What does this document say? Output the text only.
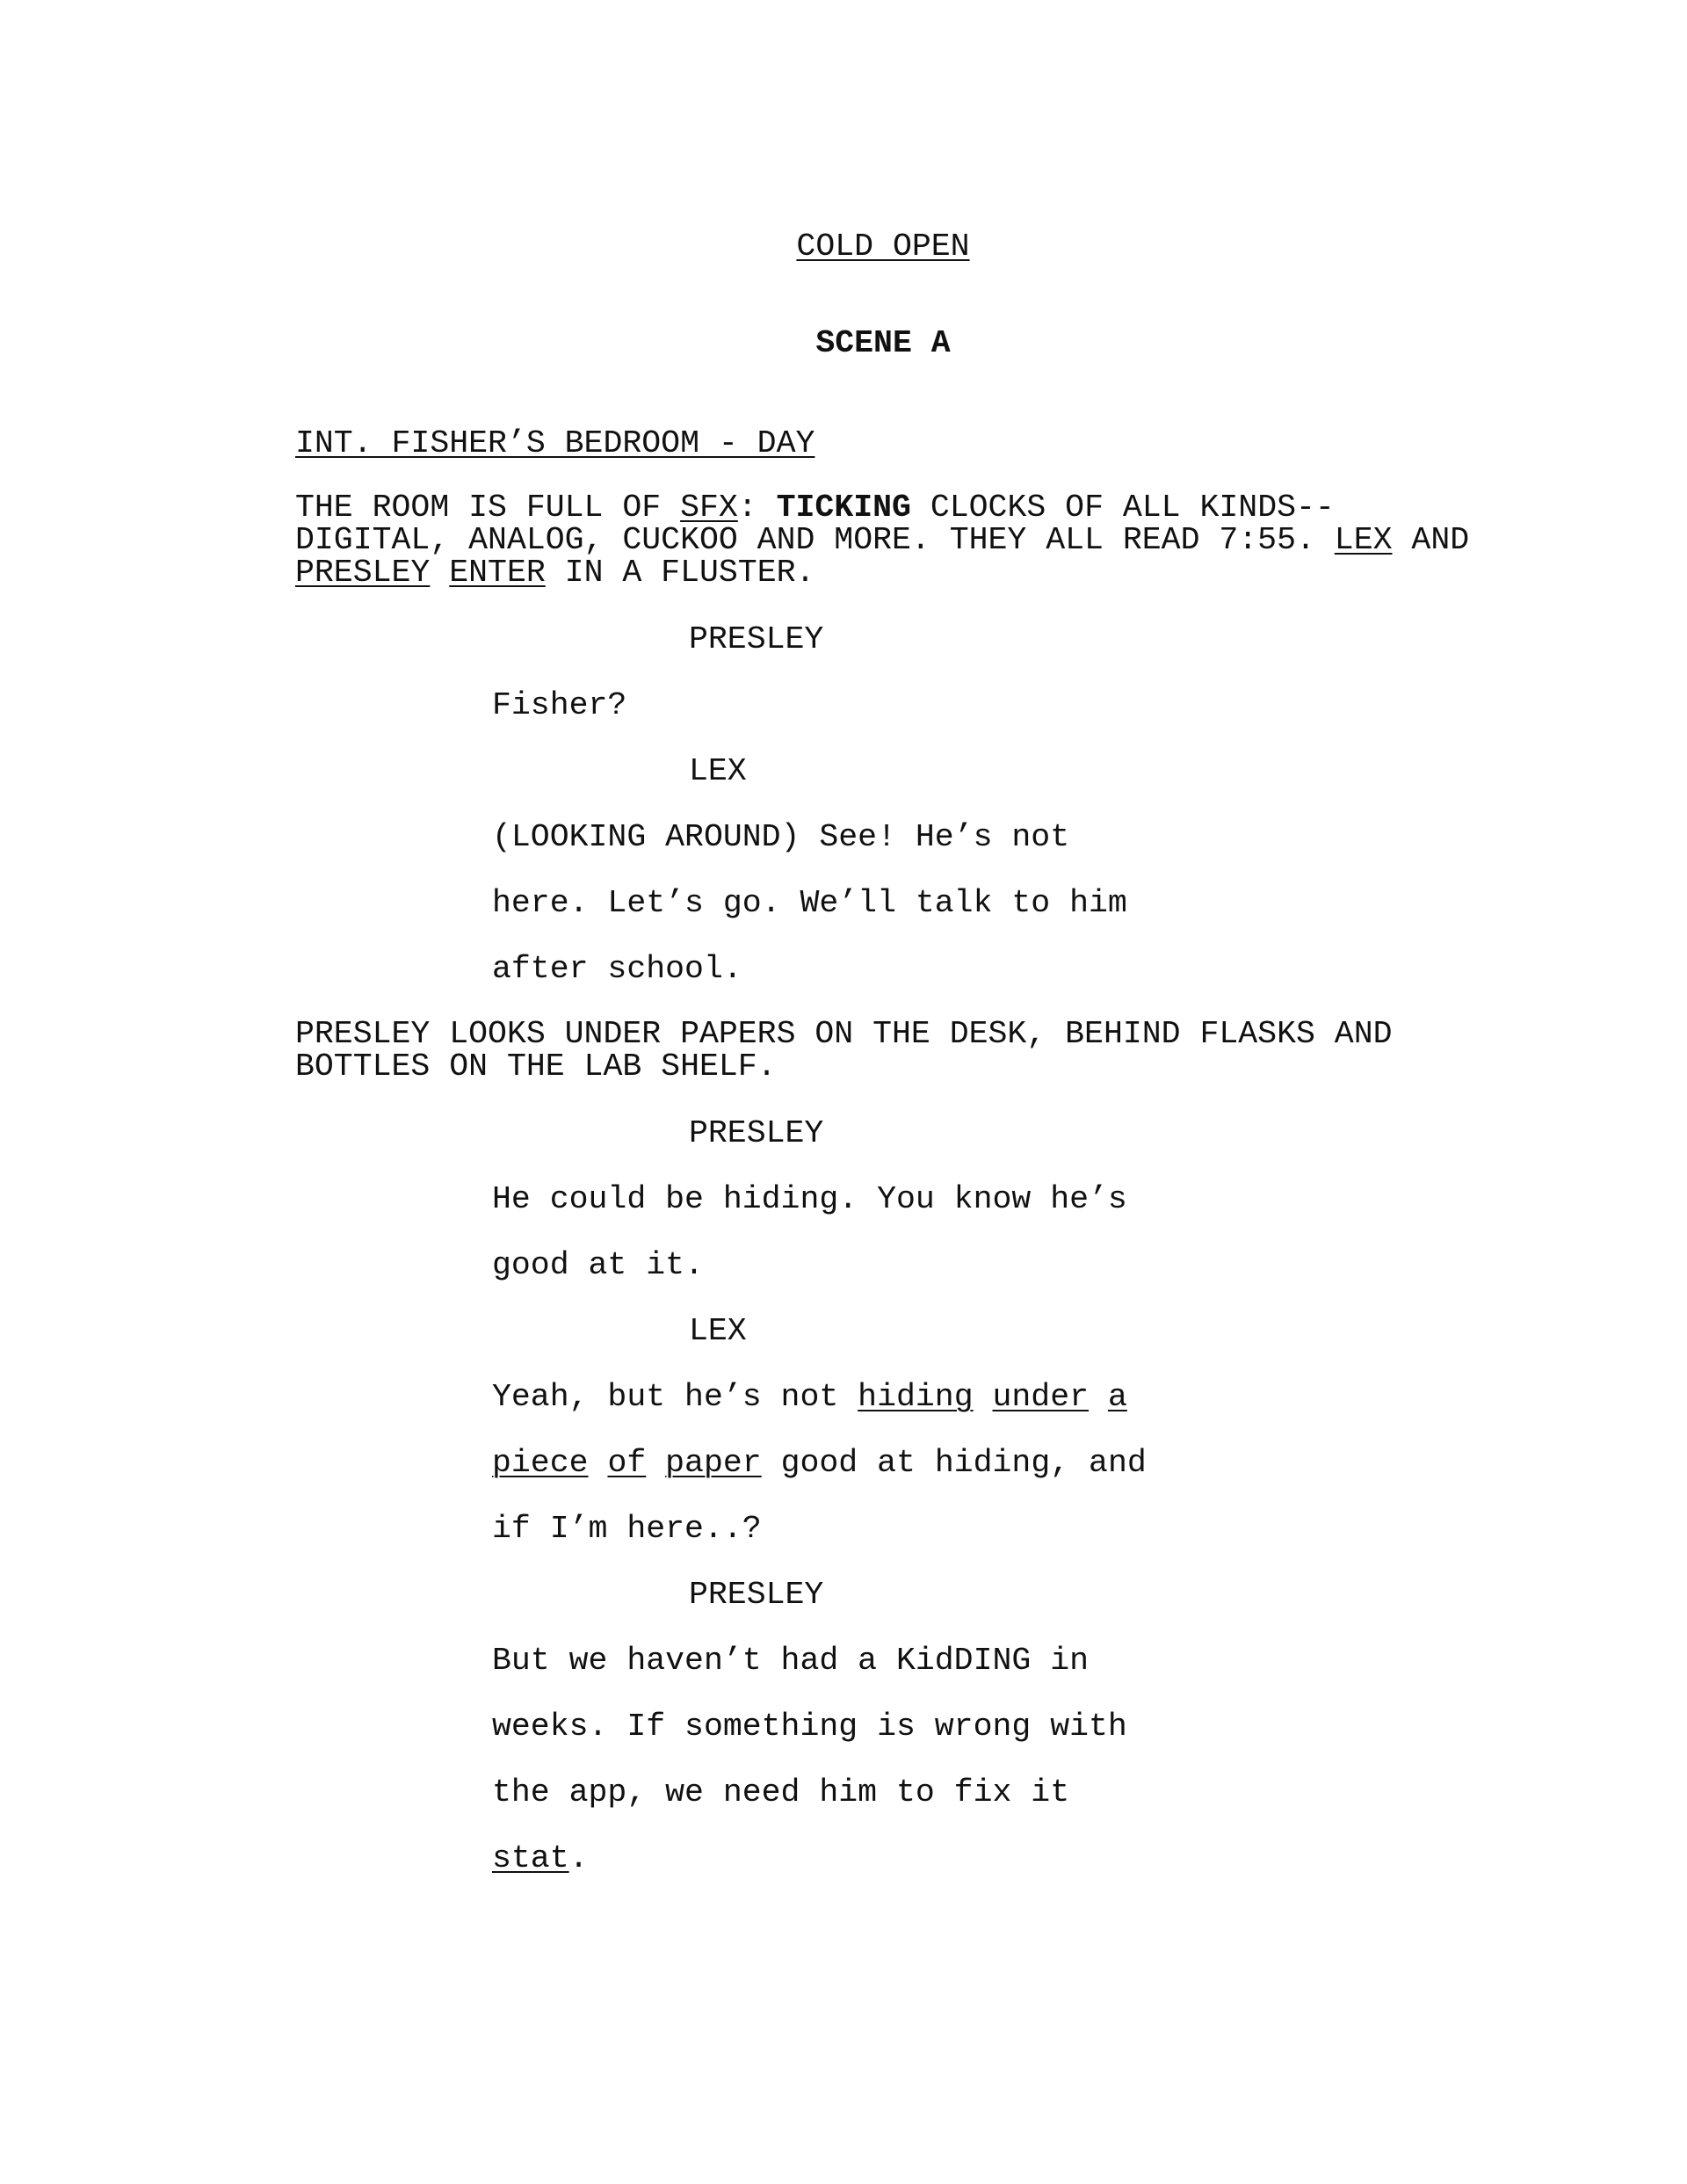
COLD OPEN
SCENE A
INT. FISHER’S BEDROOM - DAY
THE ROOM IS FULL OF SFX: TICKING CLOCKS OF ALL KINDS--
DIGITAL, ANALOG, CUCKOO AND MORE. THEY ALL READ 7:55. LEX AND
PRESLEY ENTER IN A FLUSTER.
PRESLEY
Fisher?
LEX
(LOOKING AROUND) See! He’s not
here. Let’s go. We’ll talk to him
after school.
PRESLEY LOOKS UNDER PAPERS ON THE DESK, BEHIND FLASKS AND
BOTTLES ON THE LAB SHELF.
PRESLEY
He could be hiding. You know he’s
good at it.
LEX
Yeah, but he’s not hiding under a
piece of paper good at hiding, and
if I’m here..?
PRESLEY
But we haven’t had a KidDING in
weeks. If something is wrong with
the app, we need him to fix it
stat.
